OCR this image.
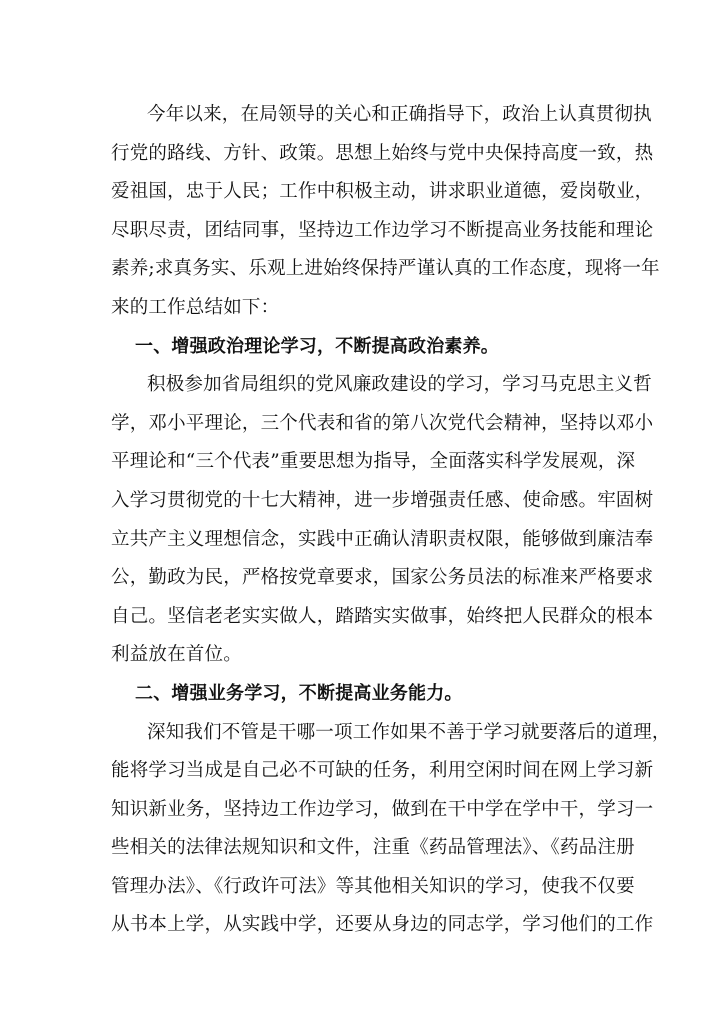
今年以来，在局领导的关心和正确指导下，政治上认真贯彻执
行党的路线、方针、政策。思想上始终与党中央保持高度一致，热
爱祖国，忠于人民；工作中积极主动，讲求职业道德，爱岗敬业，
尽职尽责，团结同事，坚持边工作边学习不断提高业务技能和理论
素养;求真务实、乐观上进始终保持严谨认真的工作态度，现将一年
来的工作总结如下：
一、增强政治理论学习，不断提高政治素养。
积极参加省局组织的党风廉政建设的学习，学习马克思主义哲
学，邓小平理论，三个代表和省的第八次党代会精神，坚持以邓小
平理论和“三个代表”重要思想为指导，全面落实科学发展观，深
入学习贯彻党的十七大精神，进一步增强责任感、使命感。牢固树
立共产主义理想信念，实践中正确认清职责权限，能够做到廉洁奉
公，勤政为民，严格按党章要求，国家公务员法的标准来严格要求
自己。坚信老老实实做人，踏踏实实做事，始终把人民群众的根本
利益放在首位。
二、增强业务学习，不断提高业务能力。
深知我们不管是干哪一项工作如果不善于学习就要落后的道理，
能将学习当成是自己必不可缺的任务，利用空闲时间在网上学习新
知识新业务，坚持边工作边学习，做到在干中学在学中干，学习一
些相关的法律法规知识和文件，注重《药品管理法》、《药品注册
管理办法》、《行政许可法》等其他相关知识的学习，使我不仅要
从书本上学，从实践中学，还要从身边的同志学，学习他们的工作
